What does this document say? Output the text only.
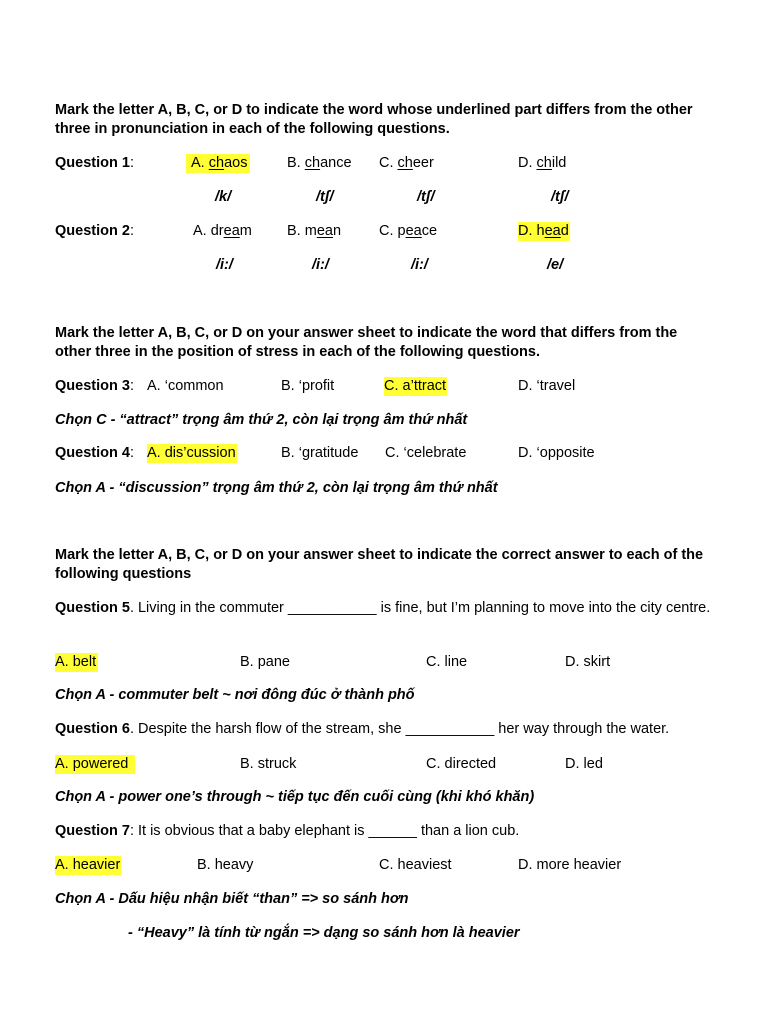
Mark the letter A, B, C, or D to indicate the word whose underlined part differs from the other three in pronunciation in each of the following questions.
Question 1:	A. chaos	B. chance C. cheer	D. child
/k/	/tʃ/	/tʃ/	/tʃ/
Question 2:	A. dream B. mean	C. peace	D. head
/i:/	/i:/	/i:/	/e/
Mark the letter A, B, C, or D on your answer sheet to indicate the word that differs from the other three in the position of stress in each of the following questions.
Question 3: A. ‘common	B. ‘profit	C. a’ttract	D. ‘travel
Chọn C - “attract” trọng âm thứ 2, còn lại trọng âm thứ nhất
Question 4: A. dis’cussion	B. ‘gratitude C. ‘celebrate	D. ‘opposite
Chọn A - “discussion” trọng âm thứ 2, còn lại trọng âm thứ nhất
Mark the letter A, B, C, or D on your answer sheet to indicate the correct answer to each of the following questions
Question 5. Living in the commuter ___________ is fine, but I’m planning to move into the city centre.
A. belt	B. pane	C. line	D. skirt
Chọn A - commuter belt ~ nơi đông đúc ở thành phố
Question 6. Despite the harsh flow of the stream, she ___________ her way through the water.
A. powered	B. struck	C. directed	D. led
Chọn A - power one’s through ~ tiếp tục đến cuối cùng (khi khó khăn)
Question 7: It is obvious that a baby elephant is ______ than a lion cub.
A. heavier	B. heavy	C. heaviest	D. more heavier
Chọn A - Dấu hiệu nhận biết “than” => so sánh hơn
- “Heavy” là tính từ ngắn => dạng so sánh hơn là heavier
